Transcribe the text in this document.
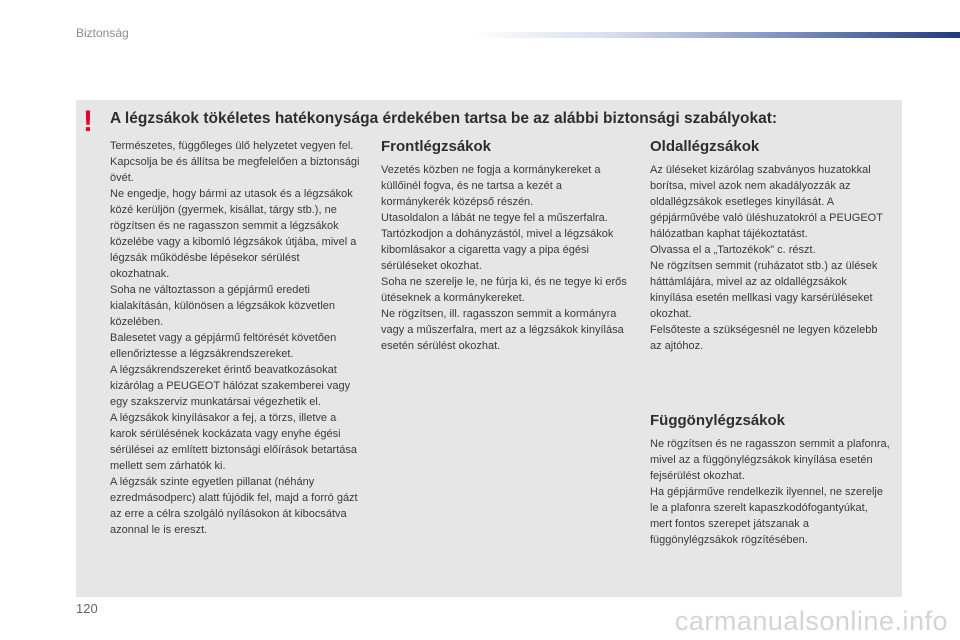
Biztonság
! A légzsákok tökéletes hatékonysága érdekében tartsa be az alábbi biztonsági szabályokat:

Természetes, függőleges ülő helyzetet vegyen fel.

Kapcsolja be és állítsa be megfelelően a biztonsági övét.

Ne engedje, hogy bármi az utasok és a légzsákok közé kerüljön (gyermek, kisállat, tárgy stb.), ne rögzítsen és ne ragasszon semmit a légzsákok közelébe vagy a kibomló légzsákok útjába, mivel a légzsák működésbe lépésekor sérülést okozhatnak.

Soha ne változtasson a gépjármű eredeti kialakításán, különösen a légzsákok közvetlen közelében.

Balesetet vagy a gépjármű feltörését követően ellenőriztesse a légzsákrendszereket.

A légzsákrendszereket érintő beavatkozásokat kizárólag a PEUGEOT hálózat szakemberei vagy egy szakszerviz munkatársai végezhetik el.

A légzsákok kinyílásakor a fej, a törzs, illetve a karok sérülésének kockázata vagy enyhe égési sérülései az említett biztonsági előírások betartása mellett sem zárhatók ki.

A légzsák szinte egyetlen pillanat (néhány ezredmásodperc) alatt fújódik fel, majd a forró gázt az erre a célra szolgáló nyílásokon át kibocsátva azonnal le is ereszt.

Frontlégzsákok

Vezetés közben ne fogja a kormánykereket a küllőinél fogva, és ne tartsa a kezét a kormánykerék középső részén.

Utasoldalon a lábát ne tegye fel a műszerfalra.

Tartózkodjon a dohányzástól, mivel a légzsákok kibomlásakor a cigaretta vagy a pipa égési sérüléseket okozhat.

Soha ne szerelje le, ne fúrja ki, és ne tegye ki erős ütéseknek a kormánykereket.

Ne rögzítsen, ill. ragasszon semmit a kormányra vagy a műszerfalra, mert az a légzsákok kinyílása esetén sérülést okozhat.

Oldallégzsákok

Az üléseket kizárólag szabványos huzatokkal borítsa, mivel azok nem akadályozzák az oldallégzsákok esetleges kinyílását. A gépjárművébe való üléshuzatokról a PEUGEOT hálózatban kaphat tájékoztatást.

Olvassa el a „Tartozékok” c. részt.

Ne rögzítsen semmit (ruházatot stb.) az ülések háttámlájára, mivel az az oldallégzsákok kinyílása esetén mellkasi vagy karsérüléseket okozhat.

Felsőteste a szükségesnél ne legyen közelebb az ajtóhoz.

Függönylégzsákok

Ne rögzítsen és ne ragasszon semmit a plafonra, mivel az a függönylégzsákok kinyílása esetén fejsérülést okozhat.

Ha gépjárműve rendelkezik ilyennel, ne szerelje le a plafonra szerelt kapaszkodófogantyúkat, mert fontos szerepet játszanak a függönylégzsákok rögzítésében.

120	carmanualsonline.info
